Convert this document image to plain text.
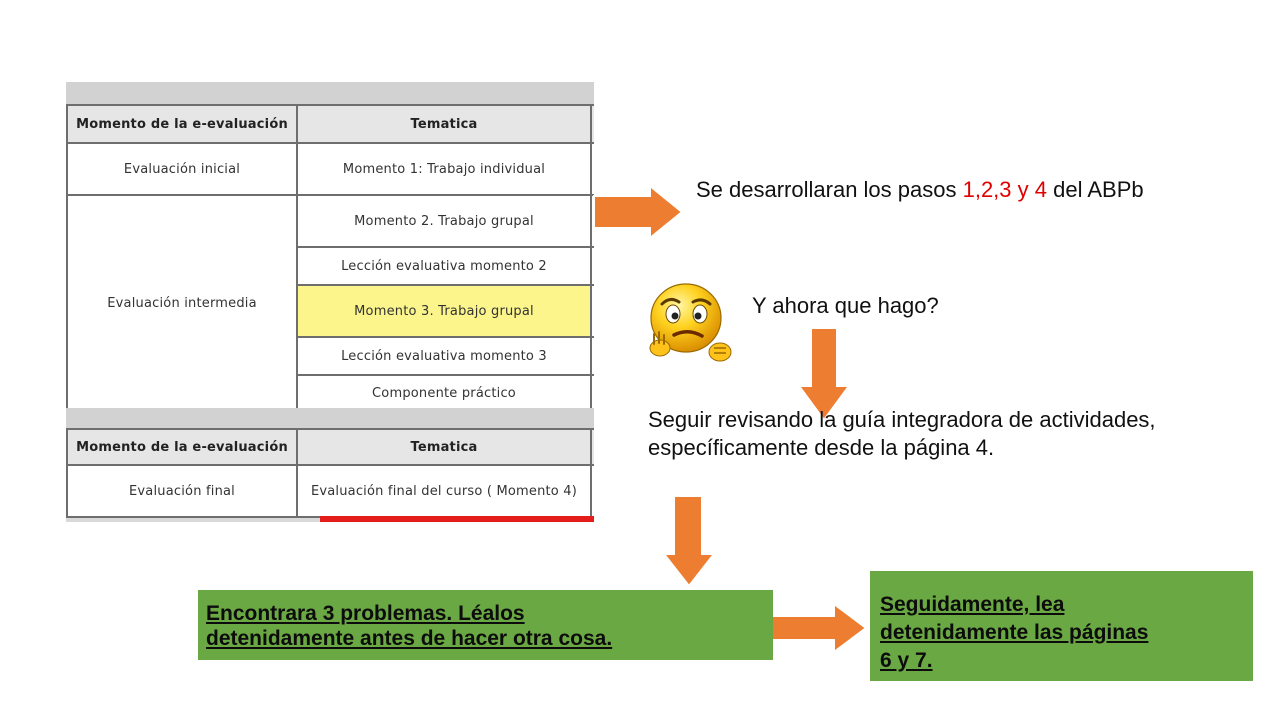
Momento de la e-evaluación	Tematica	
Evaluación inicial	Momento 1: Trabajo individual	
Evaluación intermedia	Momento 2. Trabajo grupal	
	Lección evaluativa momento 2	
	Momento 3. Trabajo grupal	
	Lección evaluativa momento 3	
	Componente práctico	
Momento de la e-evaluación	Tematica	
Evaluación final	Evaluación final del curso ( Momento 4)	
Se desarrollaran los pasos 1,2,3 y 4 del ABPb
Y ahora que hago?
Seguir revisando la guía integradora de actividades, específicamente desde la página 4.
Encontrara 3 problemas. Léalos
detenidamente antes de hacer otra cosa.
Seguidamente, lea
detenidamente las páginas
6 y 7.
